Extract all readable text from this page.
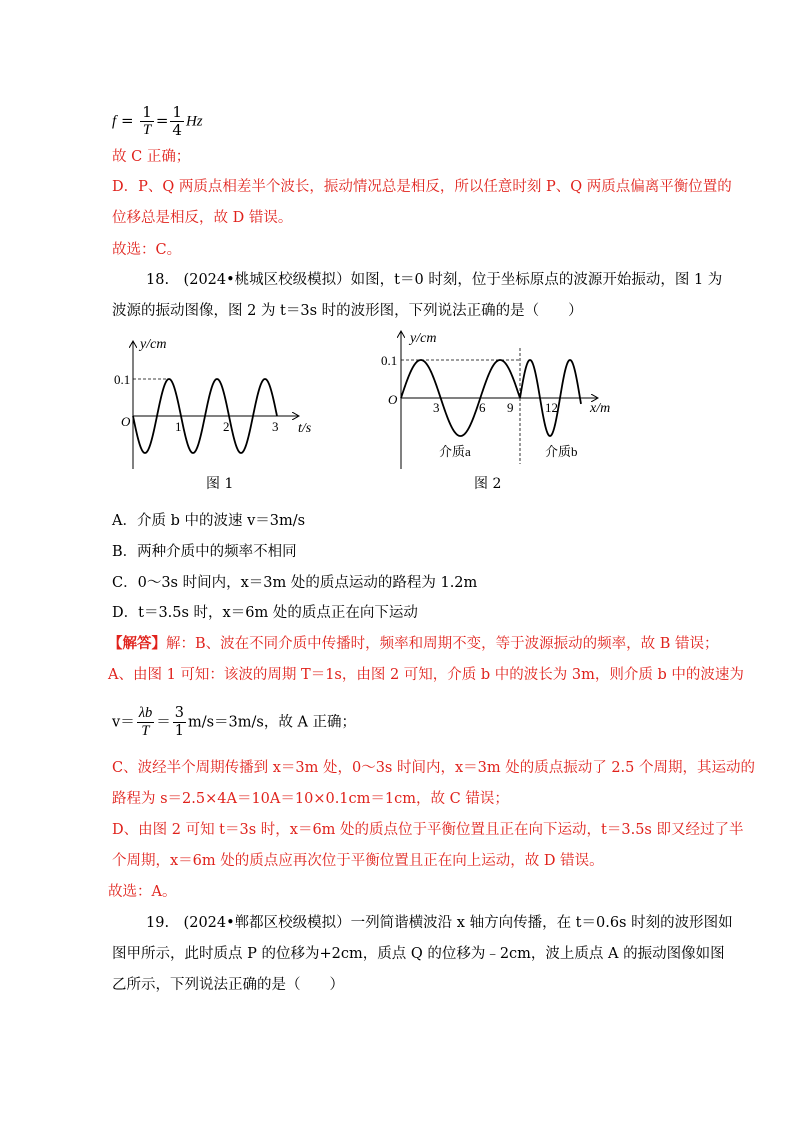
$f = \frac{1}{T} = \frac{1}{4}$ Hz
故 C 正确；
D．P、Q 两质点相差半个波长，振动情况总是相反，所以任意时刻 P、Q 两质点偏离平衡位置的
位移总是相反，故 D 错误。
故选：C。
18.　(2024•桃城区校级模拟）如图，t＝0 时刻，位于坐标原点的波源开始振动，图 1 为
波源的振动图像，图 2 为 t＝3s 时的波形图，下列说法正确的是（　　）
y/cm
0.1
O	1	2	3 t/s
图 1
y/cm
0.1
O
3	6 9 12 x/m
介质a	介质b
图 2
A．介质 b 中的波速 v＝3m/s
B．两种介质中的频率不相同
C．0～3s 时间内，x＝3m 处的质点运动的路程为 1.2m
D．t＝3.5s 时，x＝6m 处的质点正在向下运动
【解答】解：B、波在不同介质中传播时，频率和周期不变，等于波源振动的频率，故 B 错误；
A、由图 1 可知：该波的周期 T＝1s，由图 2 可知，介质 b 中的波长为 3m，则介质 b 中的波速为
$v= \frac{\lambda b}{T} = \frac{3}{1} m/s=3m/s$，故 A 正确；
C、波经半个周期传播到 x＝3m 处，0～3s 时间内，x＝3m 处的质点振动了 2.5 个周期，其运动的
路程为 s＝2.5×4A＝10A＝10×0.1cm＝1cm，故 C 错误；
D、由图 2 可知 t＝3s 时，x＝6m 处的质点位于平衡位置且正在向下运动，t＝3.5s 即又经过了半
个周期，x＝6m 处的质点应再次位于平衡位置且正在向上运动，故 D 错误。
故选：A。
19.　(2024•郸都区校级模拟）一列简谐横波沿 x 轴方向传播，在 t＝0.6s 时刻的波形图如
图甲所示，此时质点 P 的位移为+2cm，质点 Q 的位移为﹣2cm，波上质点 A 的振动图像如图
乙所示，下列说法正确的是（　　）
